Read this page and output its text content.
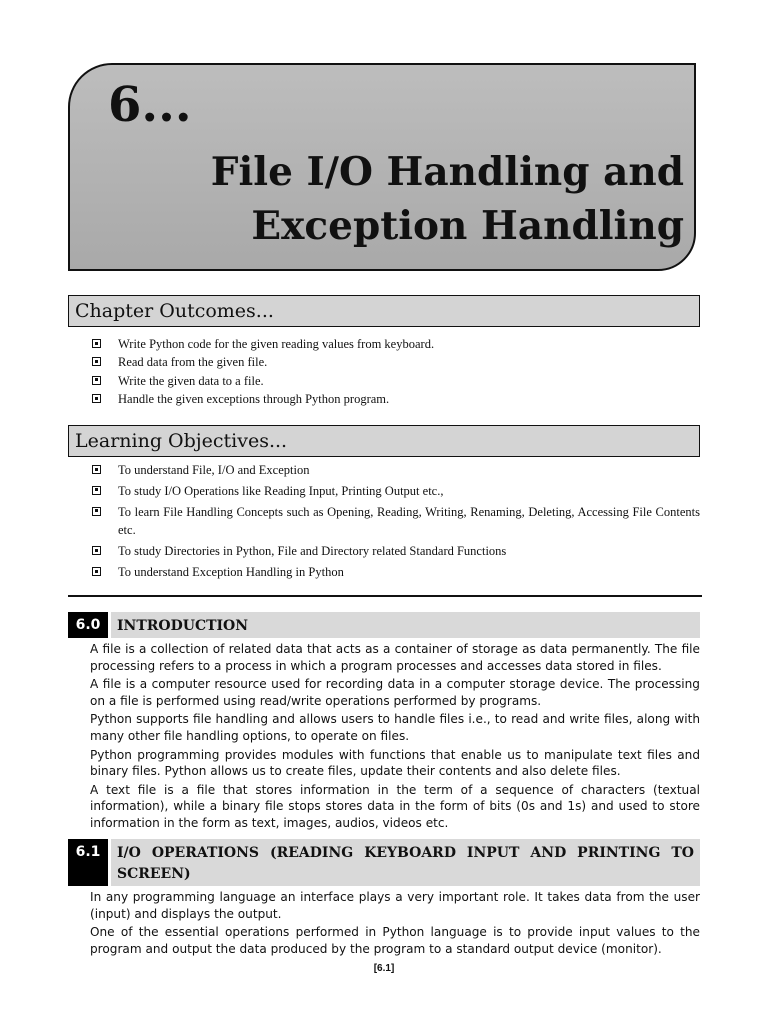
6...
File I/O Handling and
Exception Handling
Chapter Outcomes...
Write Python code for the given reading values from keyboard.
Read data from the given file.
Write the given data to a file.
Handle the given exceptions through Python program.
Learning Objectives...
To understand File, I/O and Exception
To study I/O Operations like Reading Input, Printing Output etc.,
To learn File Handling Concepts such as Opening, Reading, Writing, Renaming, Deleting, Accessing File Contents etc.
To study Directories in Python, File and Directory related Standard Functions
To understand Exception Handling in Python
6.0	INTRODUCTION

A file is a collection of related data that acts as a container of storage as data permanently. The file processing refers to a process in which a program processes and accesses data stored in files.

A file is a computer resource used for recording data in a computer storage device. The processing on a file is performed using read/write operations performed by programs.

Python supports file handling and allows users to handle files i.e., to read and write files, along with many other file handling options, to operate on files.

Python programming provides modules with functions that enable us to manipulate text files and binary files. Python allows us to create files, update their contents and also delete files.

A text file is a file that stores information in the term of a sequence of characters (textual information), while a binary file stops stores data in the form of bits (0s and 1s) and used to store information in the form as text, images, audios, videos etc.

6.1	I/O OPERATIONS (READING KEYBOARD INPUT AND PRINTING TO SCREEN)

In any programming language an interface plays a very important role. It takes data from the user (input) and displays the output.

One of the essential operations performed in Python language is to provide input values to the program and output the data produced by the program to a standard output device (monitor).

[6.1]
